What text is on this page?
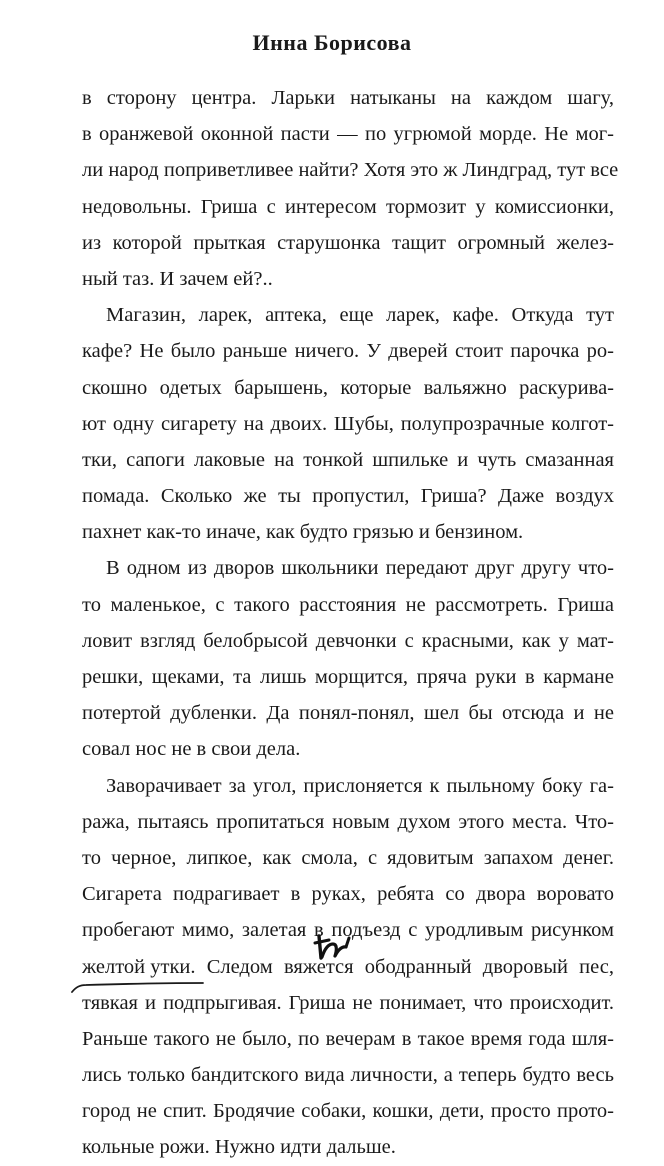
Инна Борисова
в сторону центра. Ларьки натыканы на каждом шагу,
в оранжевой оконной пасти — по угрюмой морде. Не мог-
ли народ поприветливее найти? Хотя это ж Линдград, тут все
недовольны. Гриша с интересом тормозит у комиссионки,
из которой прыткая старушонка тащит огромный желез-
ный таз. И зачем ей?..
Магазин, ларек, аптека, еще ларек, кафе. Откуда тут
кафе? Не было раньше ничего. У дверей стоит парочка ро-
скошно одетых барышень, которые вальяжно раскурива-
ют одну сигарету на двоих. Шубы, полупрозрачные колгот-
тки, сапоги лаковые на тонкой шпильке и чуть смазанная
помада. Сколько же ты пропустил, Гриша? Даже воздух
пахнет как-то иначе, как будто грязью и бензином.
В одном из дворов школьники передают друг другу что-
то маленькое, с такого расстояния не рассмотреть. Гриша
ловит взгляд белобрысой девчонки с красными, как у мат-
решки, щеками, та лишь морщится, пряча руки в кармане
потертой дубленки. Да понял-понял, шел бы отсюда и не
совал нос не в свои дела.
Заворачивает за угол, прислоняется к пыльному боку га-
ража, пытаясь пропитаться новым духом этого места. Что-
то черное, липкое, как смола, с ядовитым запахом денег.
Сигарета подрагивает в руках, ребята со двора воровато
пробегают мимо, залетая в подъезд с уродливым рисунком
желтой утки.
Следом вяжется ободранный дворовый пес,
тявкая и подпрыгивая. Гриша не понимает, что происходит.
Раньше такого не было, по вечерам в такое время года шля-
лись только бандитского вида личности, а теперь будто весь
город не спит. Бродячие собаки, кошки, дети, просто прото-
кольные рожи. Нужно идти дальше.
